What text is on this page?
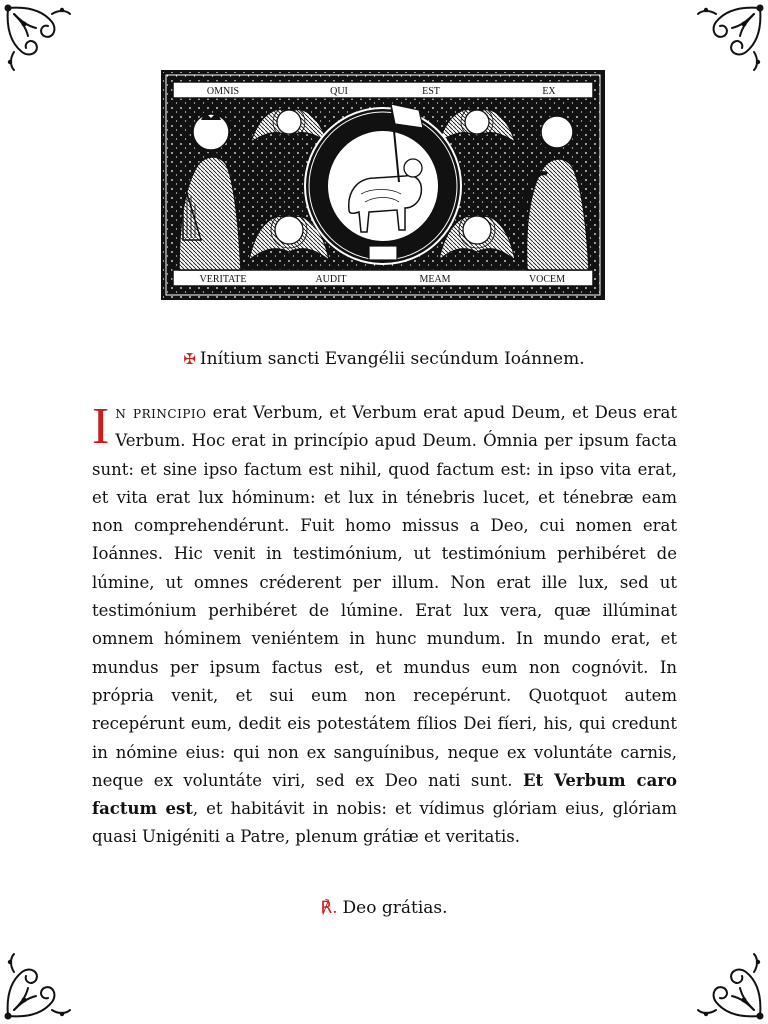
OMNIS	QUI	EST	EX
VERITATE	AUDIT	MEAM	VOCEM
✠ Inítium sancti Evangélii secúndum Ioánnem.

In principio erat Verbum, et Verbum erat apud Deum, et Deus erat Verbum. Hoc erat in princípio apud Deum. Ómnia per ipsum facta sunt: et sine ipso factum est nihil, quod factum est: in ipso vita erat, et vita erat lux hóminum: et lux in ténebris lucet, et ténebræ eam non comprehendérunt. Fuit homo missus a Deo, cui nomen erat Ioánnes. Hic venit in testimónium, ut testimónium perhibéret de lúmine, ut omnes créderent per illum. Non erat ille lux, sed ut testimónium perhibéret de lúmine. Erat lux vera, quæ illúminat omnem hóminem veniéntem in hunc mundum. In mundo erat, et mundus per ipsum factus est, et mundus eum non cognóvit. In própria venit, et sui eum non recepérunt. Quotquot autem recepérunt eum, dedit eis potestátem fílios Dei fíeri, his, qui credunt in nómine eius: qui non ex sanguínibus, neque ex voluntáte carnis, neque ex voluntáte viri, sed ex Deo nati sunt. Et Verbum caro factum est, et habitávit in nobis: et vídimus glóriam eius, glóriam quasi Unigéniti a Patre, plenum grátiæ et veritatis.

℟. Deo grátias.
